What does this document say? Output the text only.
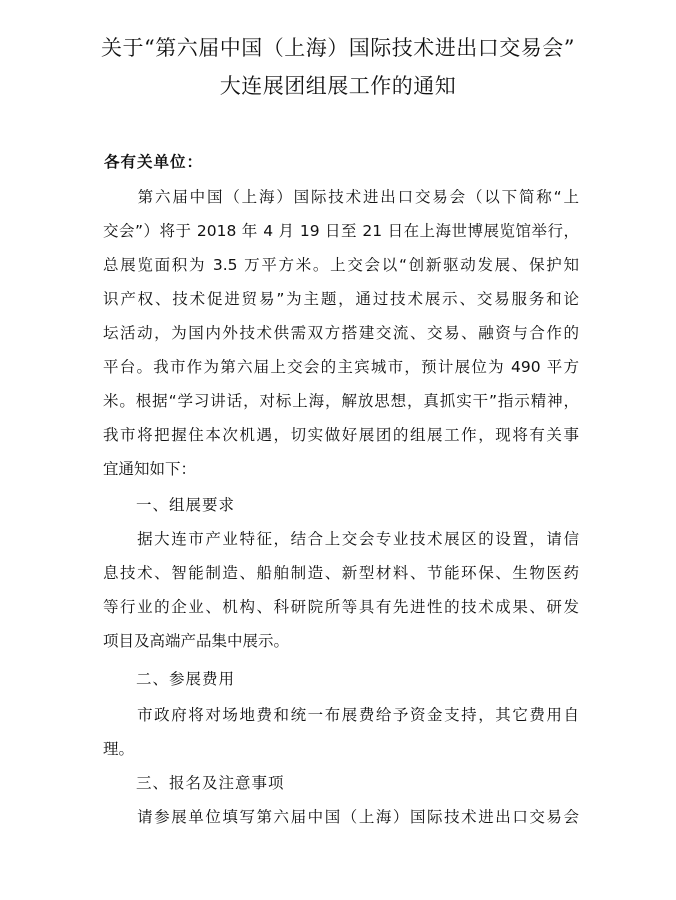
关于“第六届中国（上海）国际技术进出口交易会”
大连展团组展工作的通知
各有关单位：
　　第六届中国（上海）国际技术进出口交易会（以下简称“上
交会”）将于 2018 年 4 月 19 日至 21 日在上海世博展览馆举行，
总展览面积为 3.5 万平方米。上交会以“创新驱动发展、保护知
识产权、技术促进贸易”为主题，通过技术展示、交易服务和论
坛活动，为国内外技术供需双方搭建交流、交易、融资与合作的
平台。我市作为第六届上交会的主宾城市，预计展位为 490 平方
米。根据“学习讲话，对标上海，解放思想，真抓实干”指示精神，
我市将把握住本次机遇，切实做好展团的组展工作，现将有关事
宜通知如下：
一、组展要求
　　据大连市产业特征，结合上交会专业技术展区的设置，请信
息技术、智能制造、船舶制造、新型材料、节能环保、生物医药
等行业的企业、机构、科研院所等具有先进性的技术成果、研发
项目及高端产品集中展示。
二、参展费用
　　市政府将对场地费和统一布展费给予资金支持，其它费用自
理。
三、报名及注意事项
　　请参展单位填写第六届中国（上海）国际技术进出口交易会
